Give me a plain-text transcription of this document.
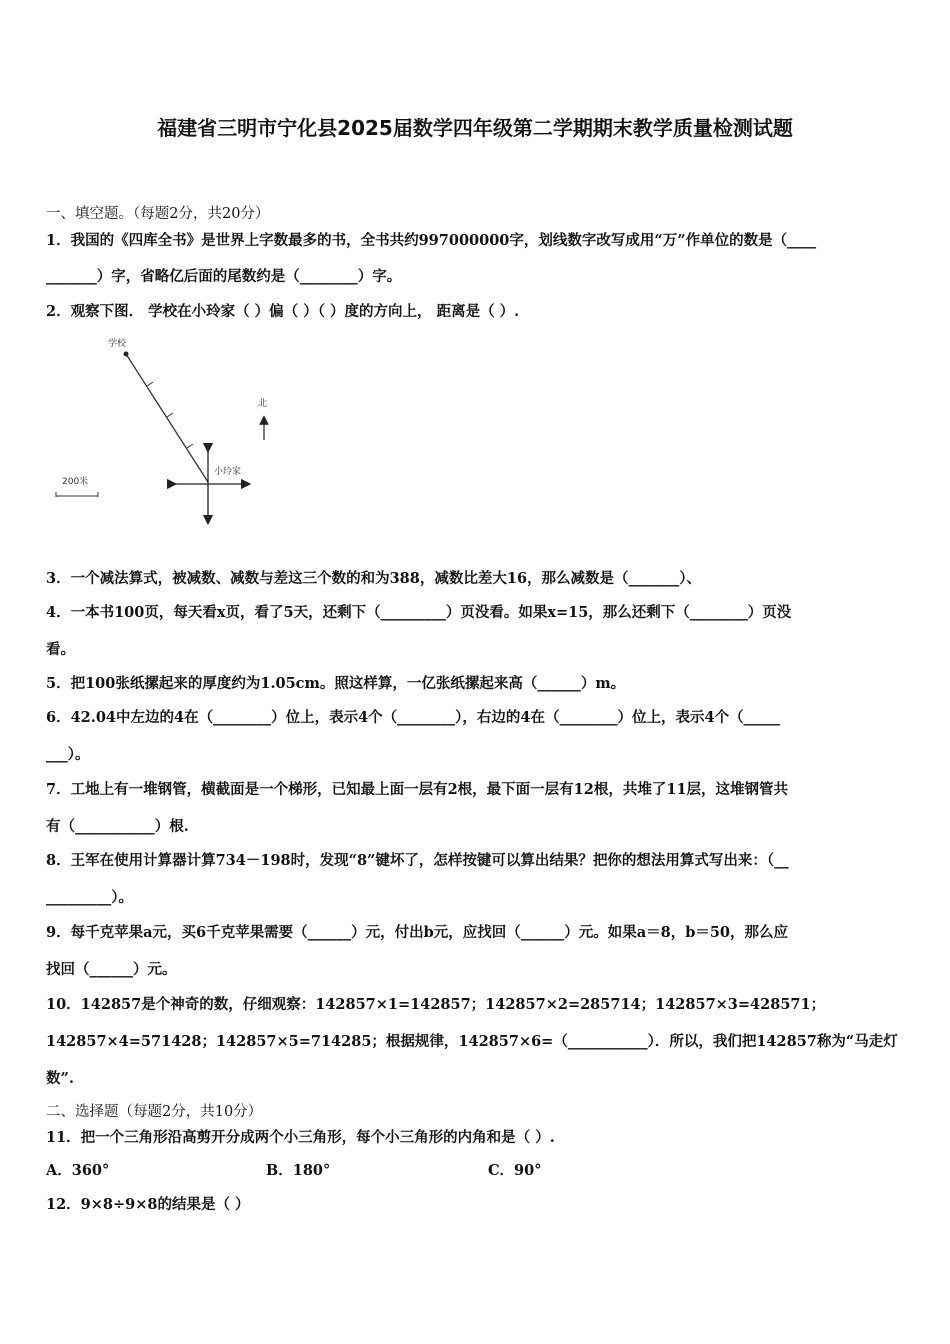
福建省三明市宁化县2025届数学四年级第二学期期末教学质量检测试题
一、填空题。（每题2分，共20分）
1．我国的《四库全书》是世界上字数最多的书，全书共约997000000字，划线数字改写成用“万”作单位的数是（____
_______）字，省略亿后面的尾数约是（________）字。
2．观察下图． 学校在小玲家（ ）偏（ ）（ ）度的方向上， 距离是（ ）.
学校
小玲家
北
200米
3．一个减法算式，被减数、减数与差这三个数的和为388，减数比差大16，那么减数是（_______）、
4．一本书100页，每天看x页，看了5天，还剩下（_________）页没看。如果x=15，那么还剩下（________）页没
看。
5．把100张纸摞起来的厚度约为1.05cm。照这样算，一亿张纸摞起来高（______）m。
6．42.04中左边的4在（________）位上，表示4个（________），右边的4在（________）位上，表示4个（_____
___）。
7．工地上有一堆钢管，横截面是一个梯形，已知最上面一层有2根，最下面一层有12根，共堆了11层，这堆钢管共
有（___________）根.
8．王军在使用计算器计算734－198时，发现“8”键坏了，怎样按键可以算出结果？把你的想法用算式写出来：（__
_________）。
9．每千克苹果a元，买6千克苹果需要（______）元，付出b元，应找回（______）元。如果a＝8，b＝50，那么应
找回（______）元。
10．142857是个神奇的数，仔细观察：142857×1=142857；142857×2=285714；142857×3=428571；
142857×4=571428；142857×5=714285；根据规律，142857×6=（___________）．所以，我们把142857称为“马走灯
数”.
二、选择题（每题2分，共10分）
11．把一个三角形沿高剪开分成两个小三角形，每个小三角形的内角和是（ ）.
A．360°	B．180°	C．90°
12．9×8÷9×8的结果是（ ）
